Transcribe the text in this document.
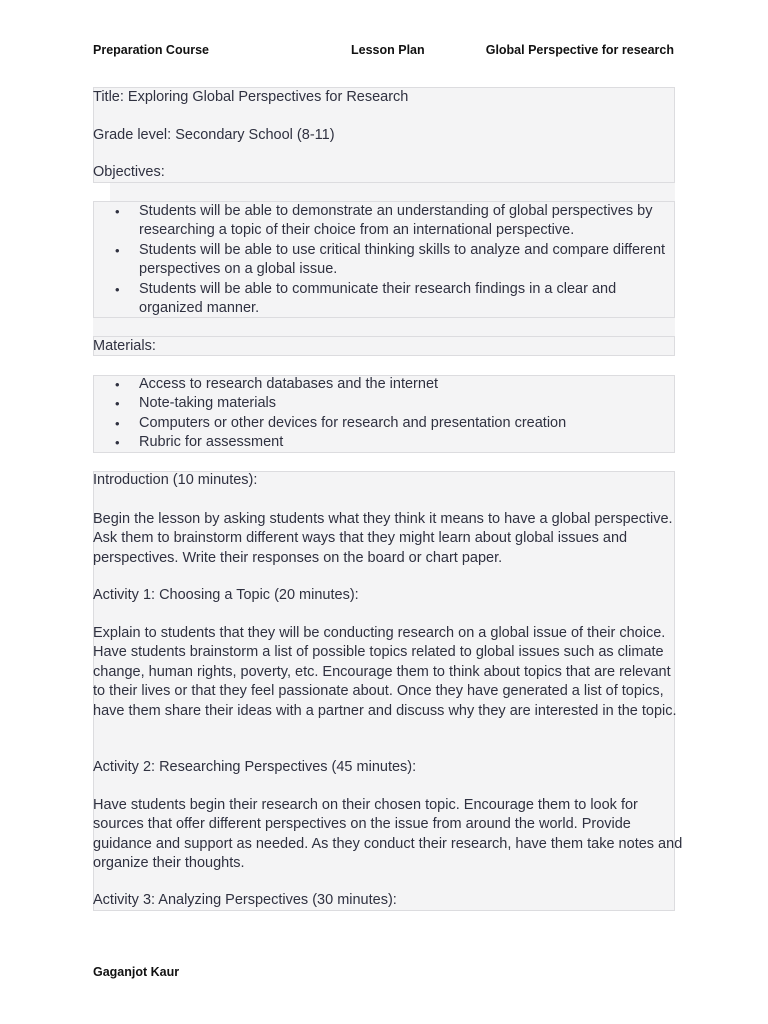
Preparation Course	Lesson Plan	Global Perspective for research
Title: Exploring Global Perspectives for Research
Grade level: Secondary School (8-11)
Objectives:
• Students will be able to demonstrate an understanding of global perspectives by researching a topic of their choice from an international perspective.
• Students will be able to use critical thinking skills to analyze and compare different perspectives on a global issue.
• Students will be able to communicate their research findings in a clear and organized manner.
Materials:
• Access to research databases and the internet
• Note-taking materials
• Computers or other devices for research and presentation creation
• Rubric for assessment
Introduction (10 minutes):
Begin the lesson by asking students what they think it means to have a global perspective. Ask them to brainstorm different ways that they might learn about global issues and perspectives. Write their responses on the board or chart paper.
Activity 1: Choosing a Topic (20 minutes):
Explain to students that they will be conducting research on a global issue of their choice. Have students brainstorm a list of possible topics related to global issues such as climate change, human rights, poverty, etc. Encourage them to think about topics that are relevant to their lives or that they feel passionate about. Once they have generated a list of topics, have them share their ideas with a partner and discuss why they are interested in the topic.
Activity 2: Researching Perspectives (45 minutes):
Have students begin their research on their chosen topic. Encourage them to look for sources that offer different perspectives on the issue from around the world. Provide guidance and support as needed. As they conduct their research, have them take notes and organize their thoughts.
Activity 3: Analyzing Perspectives (30 minutes):
Gaganjot Kaur
